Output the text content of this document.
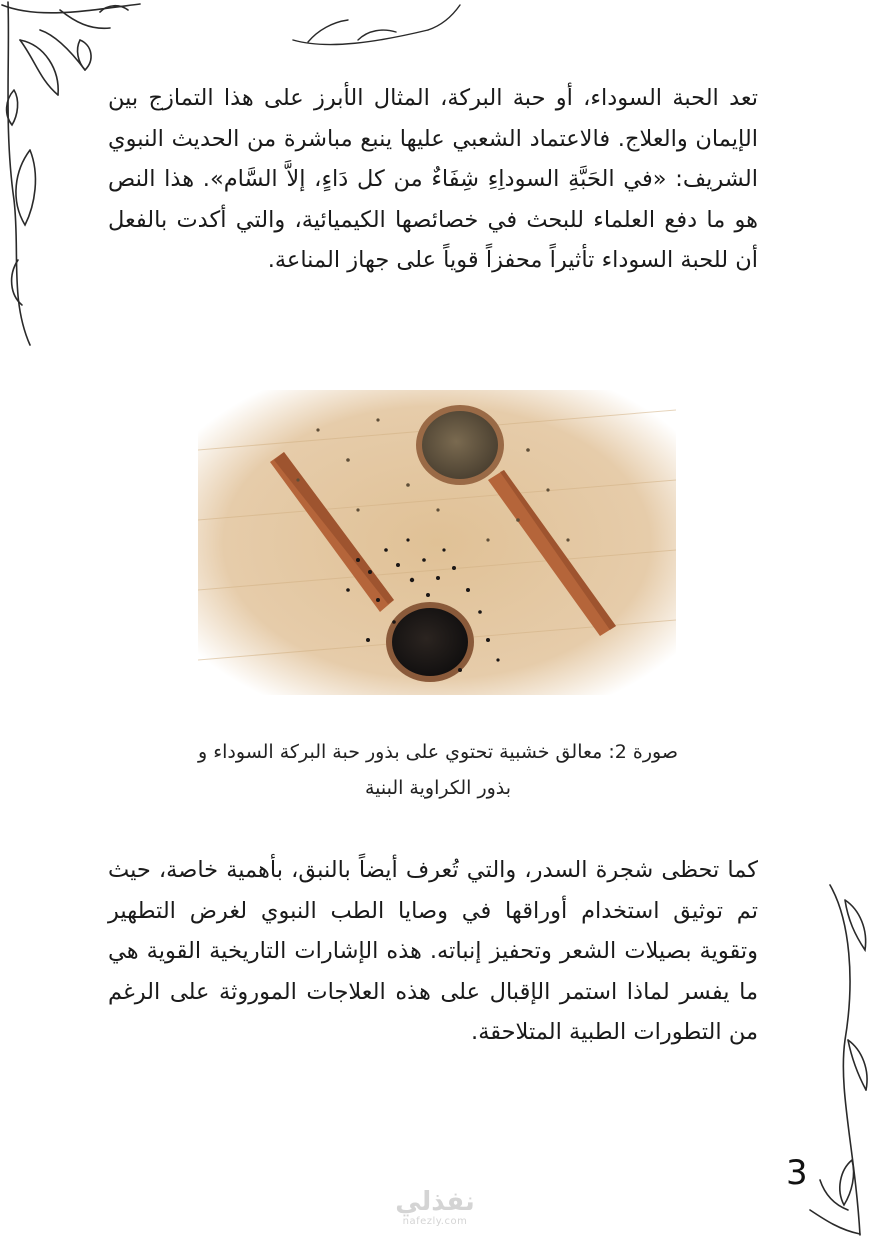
تعد الحبة السوداء، أو حبة البركة، المثال الأبرز على هذا التمازج بين الإيمان والعلاج. فالاعتماد الشعبي عليها ينبع مباشرة من الحديث النبوي الشريف: «في الحَبَّةِ السوداِءِ شِفَاءٌ من كل دَاءٍ، إلاَّ السَّام». هذا النص هو ما دفع العلماء للبحث في خصائصها الكيميائية، والتي أكدت بالفعل أن للحبة السوداء تأثيراً محفزاً قوياً على جهاز المناعة.
صورة 2: معالق خشبية تحتوي على بذور حبة البركة السوداء و
بذور الكراوية البنية
كما تحظى شجرة السدر، والتي تُعرف أيضاً بالنبق، بأهمية خاصة، حيث تم توثيق استخدام أوراقها في وصايا الطب النبوي لغرض التطهير وتقوية بصيلات الشعر وتحفيز إنباته. هذه الإشارات التاريخية القوية هي ما يفسر لماذا استمر الإقبال على هذه العلاجات الموروثة على الرغم من التطورات الطبية المتلاحقة.
3
نفذلي
nafezly.com
